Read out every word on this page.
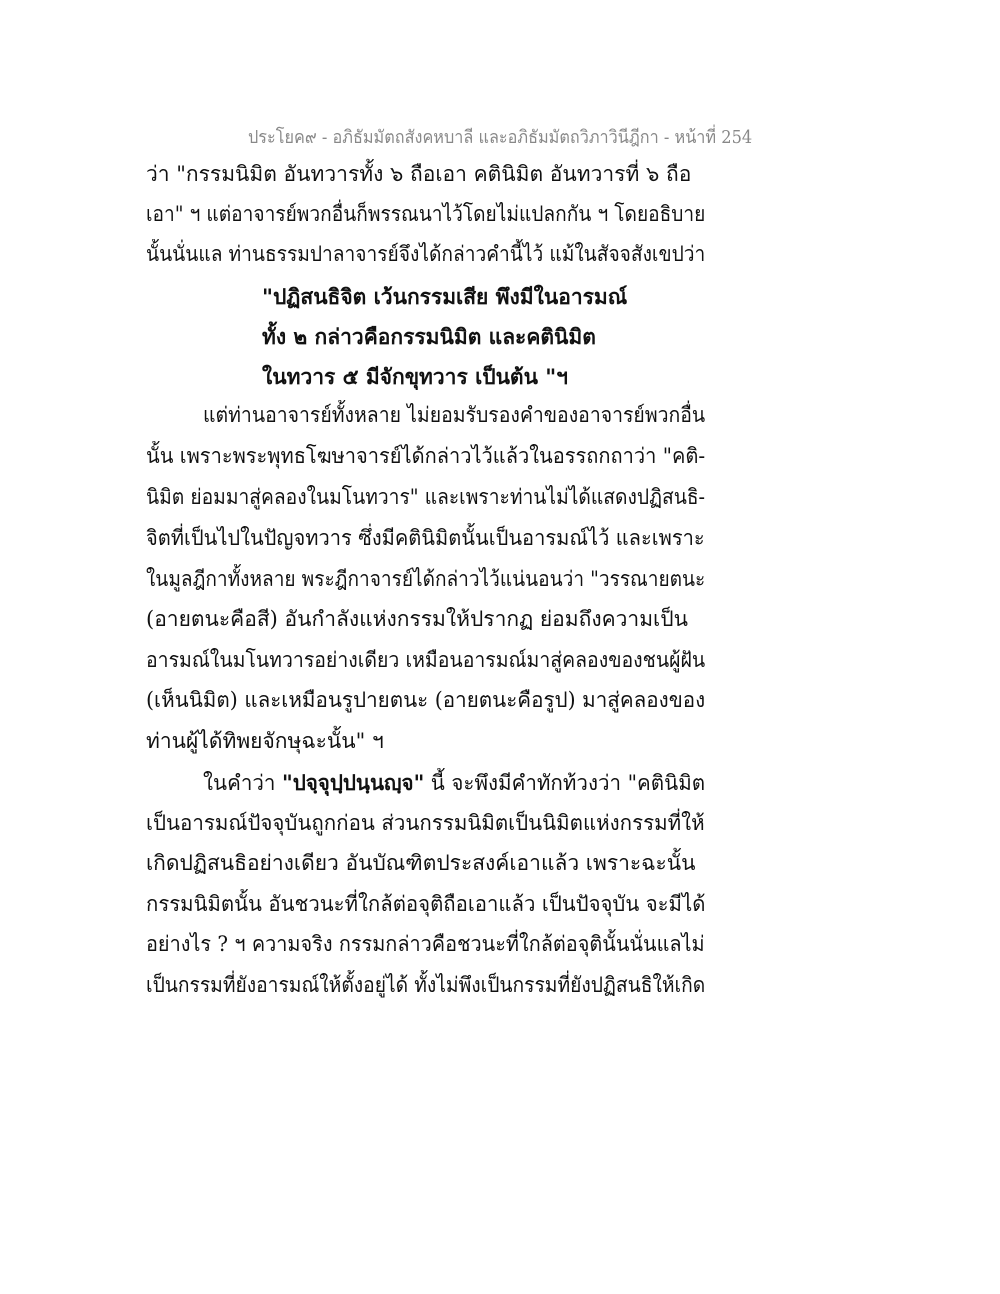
ประโยค๙ - อภิธัมมัตถสังคหบาลี และอภิธัมมัตถวิภาวินีฎีกา - หน้าที่ 254
ว่า "กรรมนิมิต อันทวารทั้ง ๖ ถือเอา คตินิมิต อันทวารที่ ๖ ถือ
เอา" ฯ แต่อาจารย์พวกอื่นก็พรรณนาไว้โดยไม่แปลกกัน ฯ โดยอธิบาย
นั้นนั่นแล ท่านธรรมปาลาจารย์จึงได้กล่าวคำนี้ไว้ แม้ในสัจจสังเขปว่า
"ปฏิสนธิจิต เว้นกรรมเสีย พึงมีในอารมณ์
ทั้ง ๒ กล่าวคือกรรมนิมิต และคตินิมิต
ในทวาร ๕ มีจักขุทวาร เป็นต้น "ฯ
แต่ท่านอาจารย์ทั้งหลาย ไม่ยอมรับรองคำของอาจารย์พวกอื่น
นั้น เพราะพระพุทธโฆษาจารย์ได้กล่าวไว้แล้วในอรรถกถาว่า "คติ-
นิมิต ย่อมมาสู่คลองในมโนทวาร" และเพราะท่านไม่ได้แสดงปฏิสนธิ-
จิตที่เป็นไปในปัญจทวาร ซึ่งมีคตินิมิตนั้นเป็นอารมณ์ไว้ และเพราะ
ในมูลฎีกาทั้งหลาย พระฎีกาจารย์ได้กล่าวไว้แน่นอนว่า "วรรณายตนะ
(อายตนะคือสี) อันกำลังแห่งกรรมให้ปรากฏ ย่อมถึงความเป็น
อารมณ์ในมโนทวารอย่างเดียว เหมือนอารมณ์มาสู่คลองของชนผู้ฝัน
(เห็นนิมิต) และเหมือนรูปายตนะ (อายตนะคือรูป) มาสู่คลองของ
ท่านผู้ได้ทิพยจักษุฉะนั้น" ฯ
ในคำว่า "ปจฺจุปฺปนฺนญฺจ" นี้ จะพึงมีคำทักท้วงว่า "คตินิมิต
เป็นอารมณ์ปัจจุบันถูกก่อน ส่วนกรรมนิมิตเป็นนิมิตแห่งกรรมที่ให้
เกิดปฏิสนธิอย่างเดียว อันบัณฑิตประสงค์เอาแล้ว เพราะฉะนั้น
กรรมนิมิตนั้น อันชวนะที่ใกล้ต่อจุติถือเอาแล้ว เป็นปัจจุบัน จะมีได้
อย่างไร ? ฯ ความจริง กรรมกล่าวคือชวนะที่ใกล้ต่อจุตินั้นนั่นแลไม่
เป็นกรรมที่ยังอารมณ์ให้ตั้งอยู่ได้ ทั้งไม่พึงเป็นกรรมที่ยังปฏิสนธิให้เกิด
